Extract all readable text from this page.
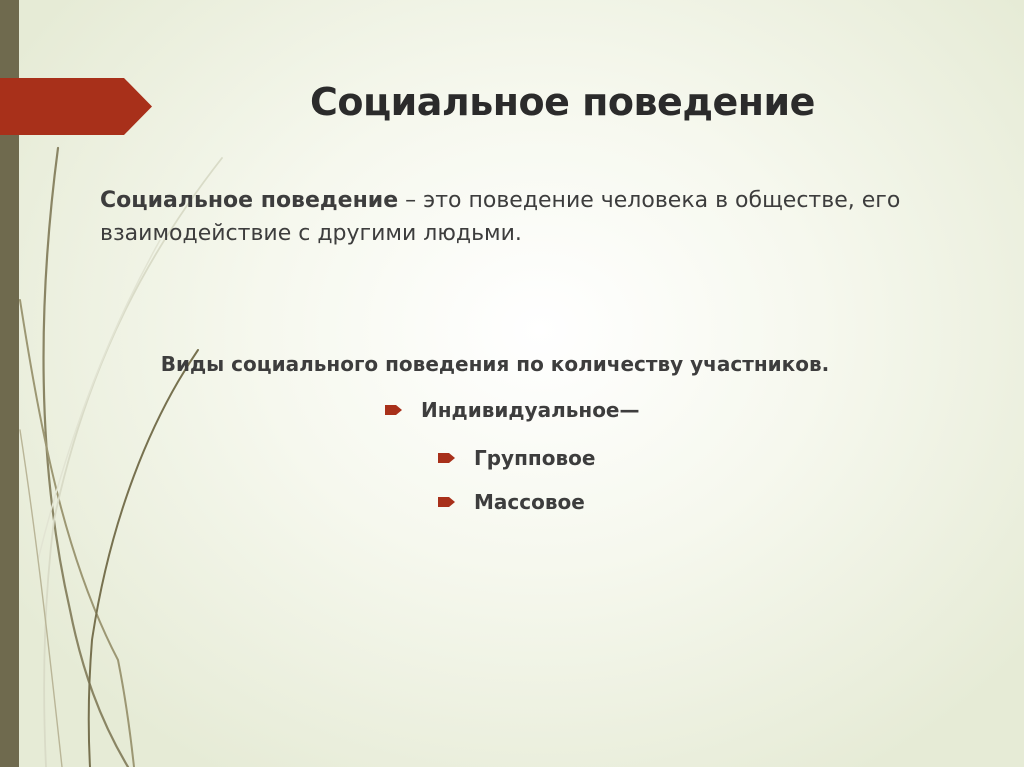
Социальное поведение

Социальное поведение – это поведение человека в обществе, его взаимодействие с другими людьми.

Виды социального поведения по количеству участников.

Индивидуальное—
Групповое
Массовое
